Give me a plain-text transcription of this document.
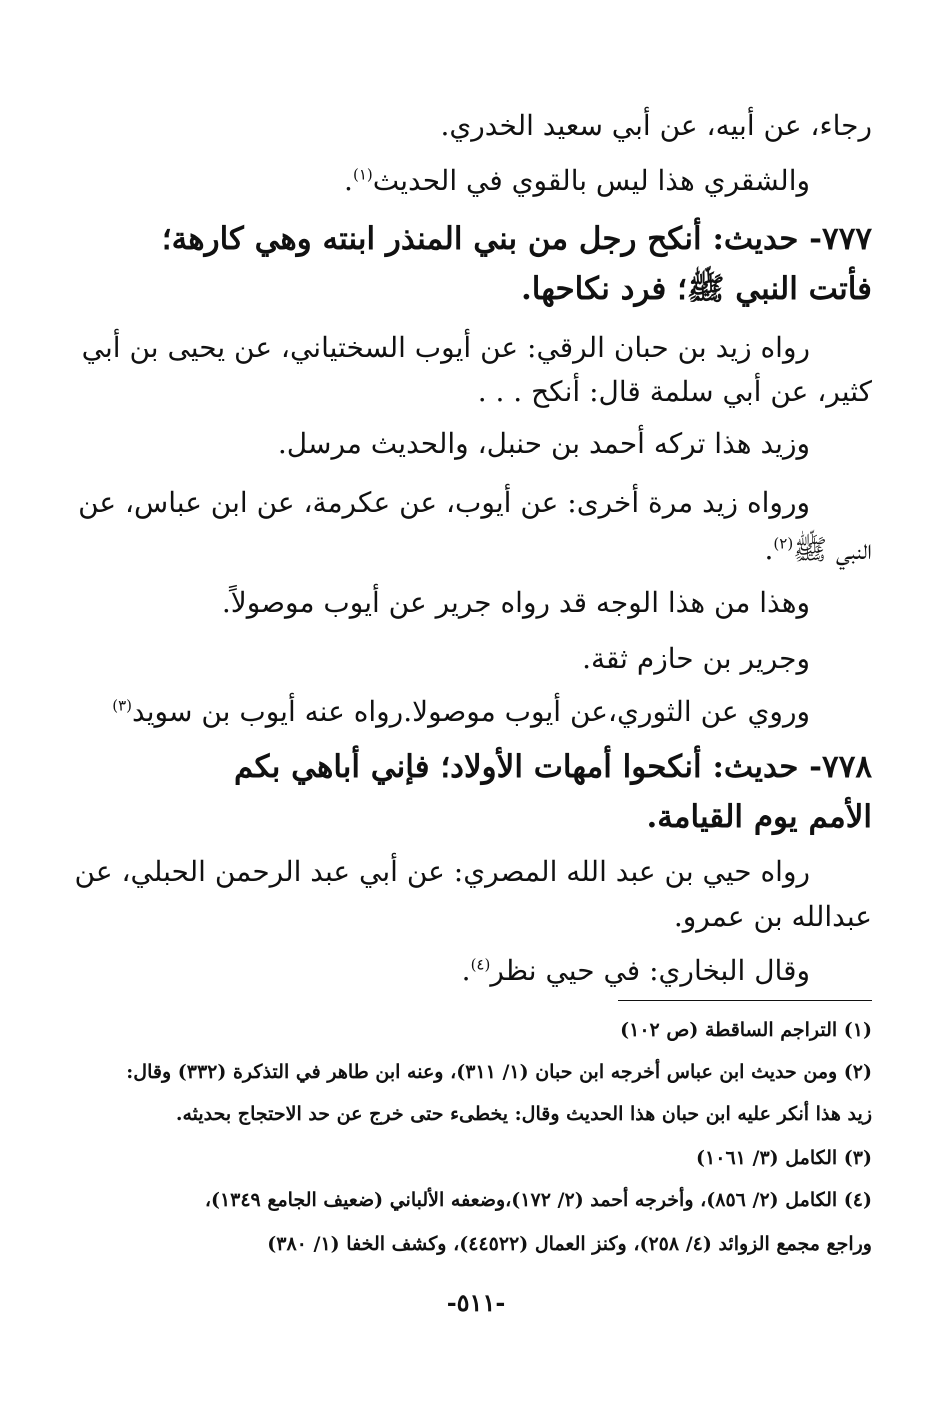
رجاء، عن أبيه، عن أبي سعيد الخدري.
والشقري هذا ليس بالقوي في الحديث$^{(١)}$.
٧٧٧- حديث: أنكح رجل من بني المنذر ابنته وهي كارهة؛
فأتت النبي ﷺ؛ فرد نكاحها.
رواه زيد بن حبان الرقي: عن أيوب السختياني، عن يحيى بن أبي
كثير، عن أبي سلمة قال: أنكح . . .
وزيد هذا تركه أحمد بن حنبل، والحديث مرسل.
ورواه زيد مرة أخرى: عن أيوب، عن عكرمة، عن ابن عباس، عن
النبي ﷺ$^{(٢)}$.
وهذا من هذا الوجه قد رواه جرير عن أيوب موصولاً.
وجرير بن حازم ثقة.
وروي عن الثوري،عن أيوب موصولا.رواه عنه أيوب بن سويد$^{(٣)}$
٧٧٨- حديث: أنكحوا أمهات الأولاد؛ فإني أباهي بكم
الأمم يوم القيامة.
رواه حيي بن عبد الله المصري: عن أبي عبد الرحمن الحبلي، عن
عبدالله بن عمرو.
وقال البخاري: في حيي نظر$^{(٤)}$.
(١) التراجم الساقطة (ص ١٠٢)
(٢) ومن حديث ابن عباس أخرجه ابن حبان (١/ ٣١١)، وعنه ابن طاهر في التذكرة (٣٣٢) وقال:
زيد هذا أنكر عليه ابن حبان هذا الحديث وقال: يخطىء حتى خرج عن حد الاحتجاج بحديثه.
(٣) الكامل (٣/ ١٠٦١)
(٤) الكامل (٢/ ٨٥٦)، وأخرجه أحمد (٢/ ١٧٢)،وضعفه الألباني (ضعيف الجامع ١٣٤٩)،
وراجع مجمع الزوائد (٤/ ٢٥٨)، وكنز العمال (٤٤٥٢٢)، وكشف الخفا (١/ ٣٨٠)
-٥١١-
